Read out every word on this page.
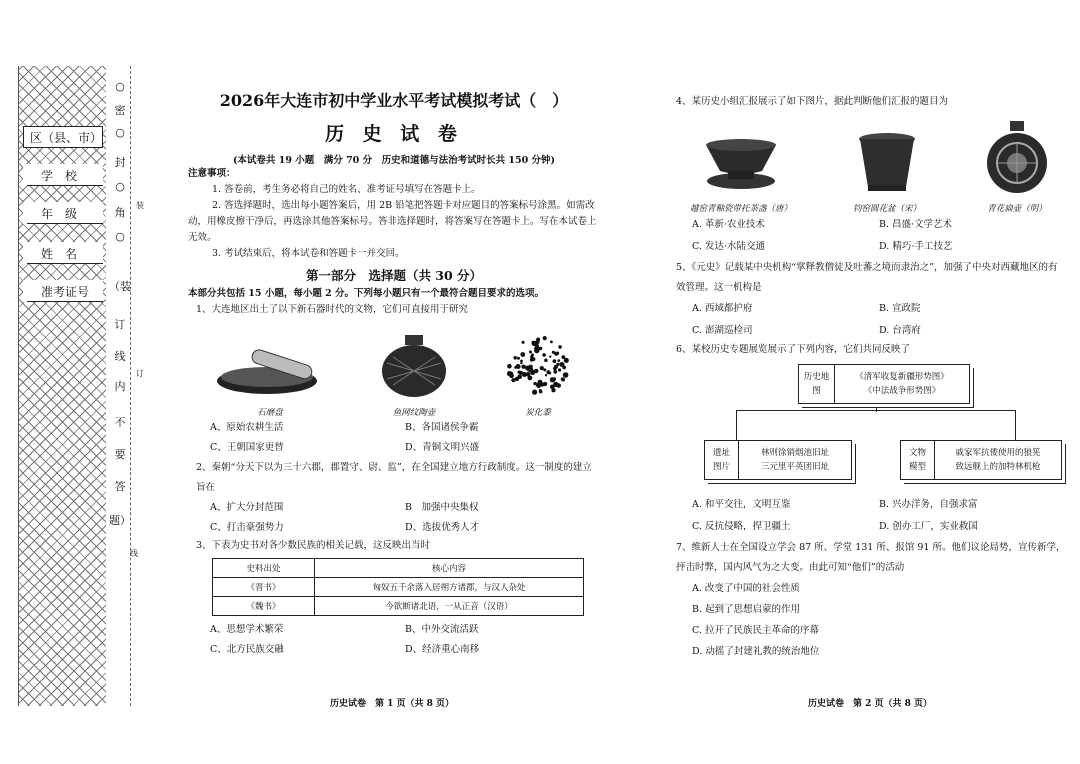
区（县、市）
学　校
年　级
姓　名
准考证号
○
密
○
封
○
角
○
（装
订
线
内
不
要
答
题）
装
订
线
2026年大连市初中学业水平考试模拟考试（　）
历 史 试 卷
(本试卷共 19 小题　满分 70 分　历史和道德与法治考试时长共 150 分钟)
注意事项：
1. 答卷前，考生务必将自己的姓名、准考证号填写在答题卡上。
2. 答选择题时，选出每小题答案后，用 2B 铅笔把答题卡对应题目的答案标号涂黑。如需改动，用橡皮擦干净后，再选涂其他答案标号。答非选择题时，将答案写在答题卡上。写在本试卷上无效。
3. 考试结束后，将本试卷和答题卡一并交回。
第一部分　选择题（共 30 分）
本部分共包括 15 小题，每小题 2 分。下列每小题只有一个最符合题目要求的选项。
1、大连地区出土了以下新石器时代的文物，它们可直接用于研究
石磨盘	鱼网纹陶壶	炭化黍
A、原始农耕生活	B、各国诸侯争霸
C、王朝国家更替	D、青铜文明兴盛
2、秦朝“分天下以为三十六郡，郡置守、尉、监”，在全国建立地方行政制度。这一制度的建立旨在
A、扩大分封范围	B　加强中央集权
C、打击豪强势力	D、选拔优秀人才
3、下表为史书对各少数民族的相关记载，这反映出当时
史料出处	核心内容
《晋书》	匈奴五千余落入居朔方诸郡，与汉人杂处
《魏书》	今欲断诸北语，一从正音（汉语）
A、思想学术繁荣	B、中外交流活跃
C、北方民族交融	D、经济重心南移
历史试卷　第 1 页（共 8 页）
4、某历史小组汇报展示了如下图片，据此判断他们汇报的题目为
越窑青釉瓷带托茶盏（唐）	钧窑圆花盆（宋）	青花扁壶（明）
A. 革新·农业技术	B. 昌盛·文学艺术
C. 发达·水陆交通	D. 精巧·手工技艺
5、《元史》记载某中央机构“掌释教僧徒及吐蕃之境而隶治之”，加强了中央对西藏地区的有效管理。这一机构是
A. 西域都护府	B. 宣政院
C. 澎湖巡检司	D. 台湾府
6、某校历史专题展览展示了下列内容，它们共同反映了
历史地图
《清军收复新疆形势图》
《中法战争形势图》
遗址图片
林则徐销烟池旧址
三元里平英团旧址
文物模型
戚家军抗倭使用的狼筅
致远舰上的加特林机枪
A. 和平交往，文明互鉴	B. 兴办洋务，自强求富
C. 反抗侵略，捍卫疆土	D. 创办工厂，实业救国
7、维新人士在全国设立学会 87 所、学堂 131 所、报馆 91 所。他们议论局势，宣传新学，抨击时弊，国内风气为之大变。由此可知“他们”的活动
A. 改变了中国的社会性质
B. 起到了思想启蒙的作用
C. 拉开了民族民主革命的序幕
D. 动摇了封建礼教的统治地位
历史试卷　第 2 页（共 8 页）
